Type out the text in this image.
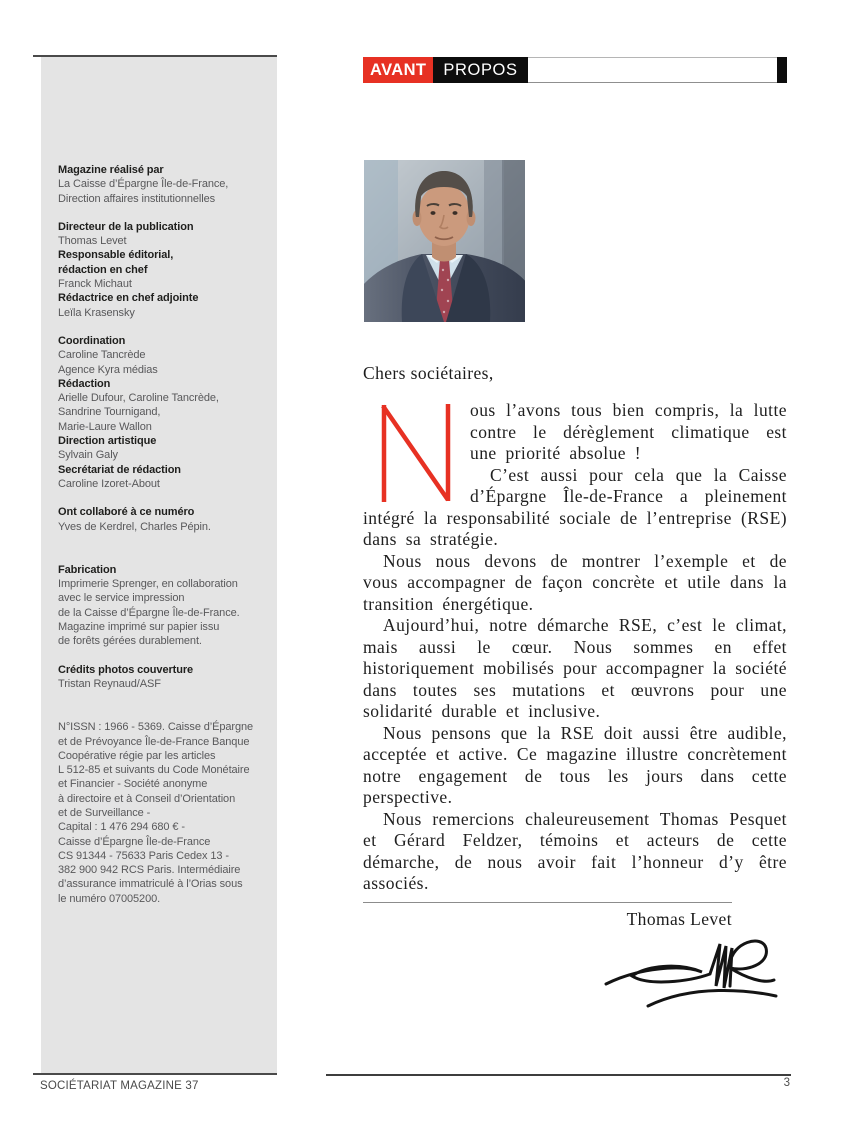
Magazine réalisé par
La Caisse d’Épargne Île-de-France,
Direction affaires institutionnelles
Directeur de la publication
Thomas Levet
Responsable éditorial,
rédaction en chef
Franck Michaut
Rédactrice en chef adjointe
Leïla Krasensky
Coordination
Caroline Tancrède
Agence Kyra médias
Rédaction
Arielle Dufour, Caroline Tancrède,
Sandrine Tournigand,
Marie-Laure Wallon
Direction artistique
Sylvain Galy
Secrétariat de rédaction
Caroline Izoret-About
Ont collaboré à ce numéro
Yves de Kerdrel, Charles Pépin.
Fabrication
Imprimerie Sprenger, en collaboration
avec le service impression
de la Caisse d’Épargne Île-de-France.
Magazine imprimé sur papier issu
de forêts gérées durablement.
Crédits photos couverture
Tristan Reynaud/ASF
N°ISSN : 1966 - 5369. Caisse d’Épargne
et de Prévoyance Île-de-France Banque
Coopérative régie par les articles
L 512-85 et suivants du Code Monétaire
et Financier - Société anonyme
à directoire et à Conseil d’Orientation
et de Surveillance -
Capital : 1 476 294 680 € -
Caisse d’Épargne Île-de-France
CS 91344 - 75633 Paris Cedex 13 -
382 900 942 RCS Paris. Intermédiaire
d’assurance immatriculé à l’Orias sous
le numéro 07005200.
SOCIÉTARIAT MAGAZINE 37
AVANT	PROPOS

Chers sociétaires,

ous l’avons tous bien compris, la lutte contre le dérèglement climatique est une priorité absolue !

C’est aussi pour cela que la Caisse d’Épargne Île-de-France a pleinement intégré la responsabilité sociale de l’entreprise (RSE) dans sa stratégie.

Nous nous devons de montrer l’exemple et de vous accompagner de façon concrète et utile dans la transition énergétique.

Aujourd’hui, notre démarche RSE, c’est le climat, mais aussi le cœur. Nous sommes en effet historiquement mobilisés pour accompagner la société dans toutes ses mutations et œuvrons pour une solidarité durable et inclusive.

Nous pensons que la RSE doit aussi être audible, acceptée et active. Ce magazine illustre concrètement notre engagement de tous les jours dans cette perspective.

Nous remercions chaleureusement Thomas Pesquet et Gérard Feldzer, témoins et acteurs de cette démarche, de nous avoir fait l’honneur d’y être associés.

Thomas Levet

3
